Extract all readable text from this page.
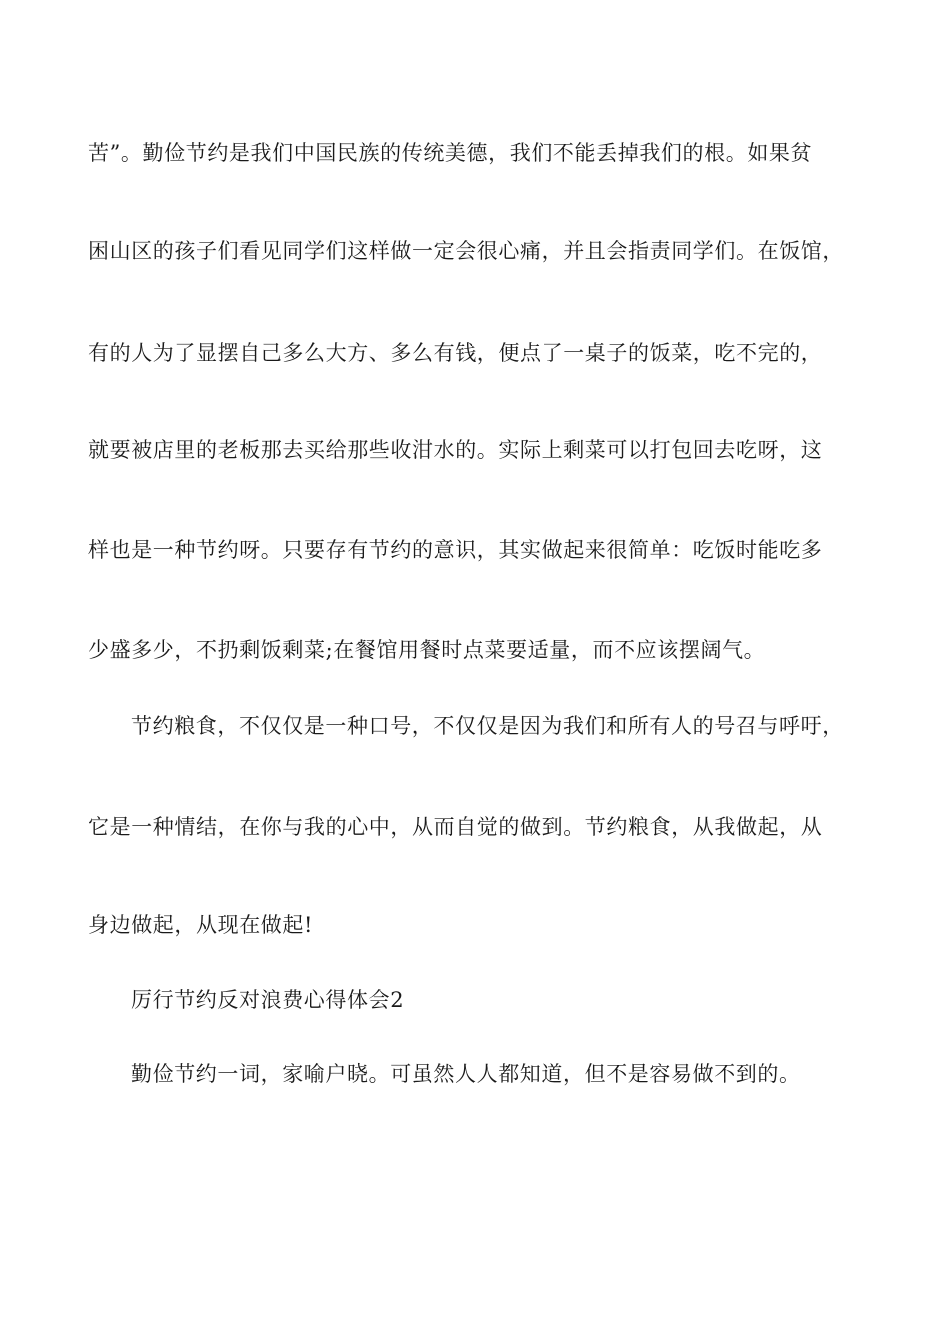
苦”。勤俭节约是我们中国民族的传统美德，我们不能丢掉我们的根。如果贫
困山区的孩子们看见同学们这样做一定会很心痛，并且会指责同学们。在饭馆，
有的人为了显摆自己多么大方、多么有钱，便点了一桌子的饭菜，吃不完的，
就要被店里的老板那去买给那些收泔水的。实际上剩菜可以打包回去吃呀，这
样也是一种节约呀。只要存有节约的意识，其实做起来很简单：吃饭时能吃多
少盛多少，不扔剩饭剩菜;在餐馆用餐时点菜要适量，而不应该摆阔气。
节约粮食，不仅仅是一种口号，不仅仅是因为我们和所有人的号召与呼吁，
它是一种情结，在你与我的心中，从而自觉的做到。节约粮食，从我做起，从
身边做起，从现在做起!
厉行节约反对浪费心得体会2
勤俭节约一词，家喻户晓。可虽然人人都知道，但不是容易做不到的。
